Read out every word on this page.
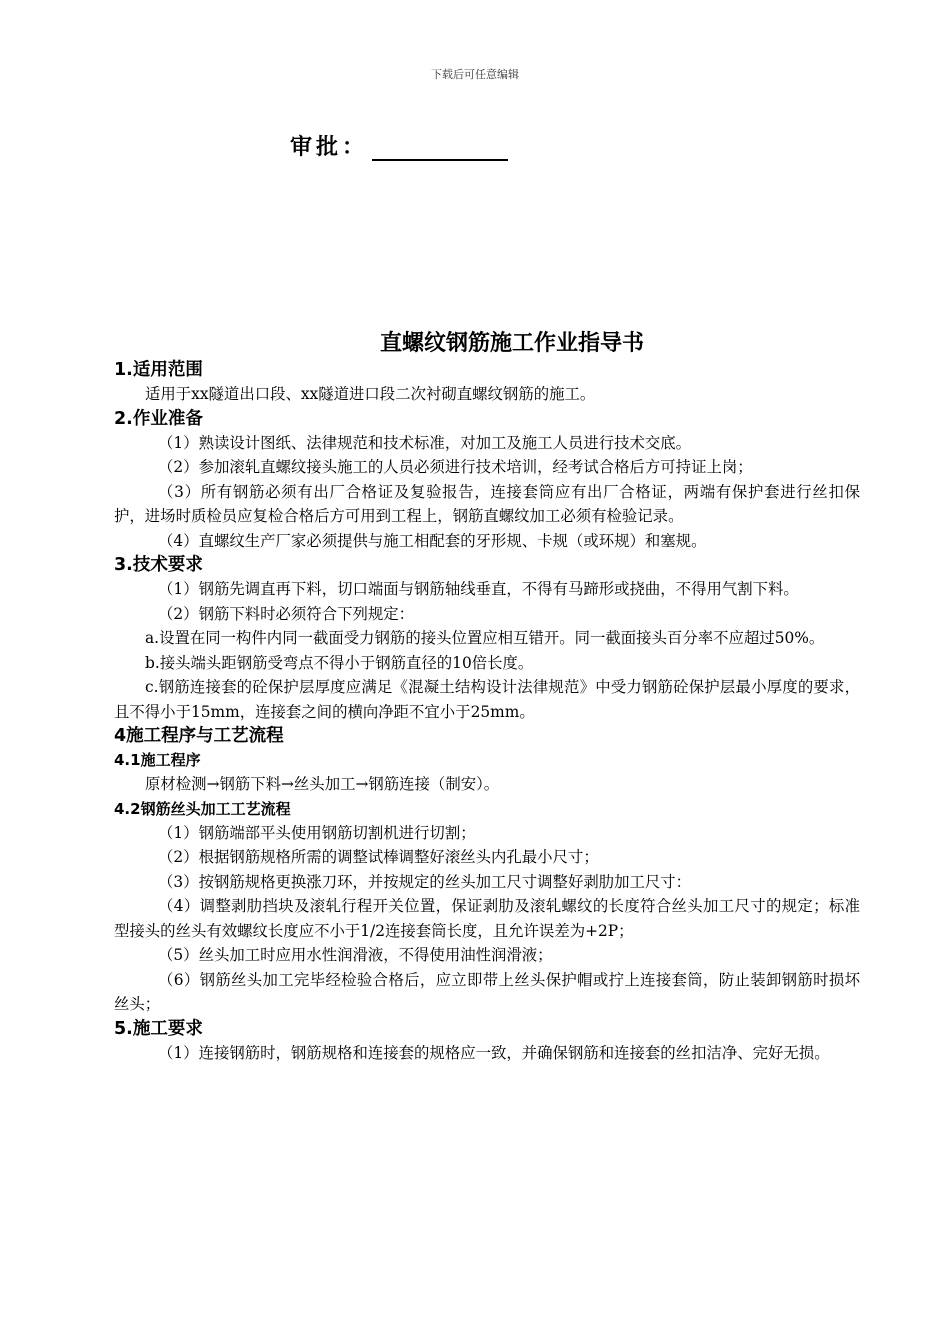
下载后可任意编辑
审批：
直螺纹钢筋施工作业指导书
1.适用范围
适用于xx隧道出口段、xx隧道进口段二次衬砌直螺纹钢筋的施工。
2.作业准备
（1）熟读设计图纸、法律规范和技术标准，对加工及施工人员进行技术交底。
（2）参加滚轧直螺纹接头施工的人员必须进行技术培训，经考试合格后方可持证上岗；
（3）所有钢筋必须有出厂合格证及复验报告，连接套筒应有出厂合格证，两端有保护套进行丝扣保护，进场时质检员应复检合格后方可用到工程上，钢筋直螺纹加工必须有检验记录。
（4）直螺纹生产厂家必须提供与施工相配套的牙形规、卡规（或环规）和塞规。
3.技术要求
（1）钢筋先调直再下料，切口端面与钢筋轴线垂直，不得有马蹄形或挠曲，不得用气割下料。
（2）钢筋下料时必须符合下列规定：
a.设置在同一构件内同一截面受力钢筋的接头位置应相互错开。同一截面接头百分率不应超过50%。
b.接头端头距钢筋受弯点不得小于钢筋直径的10倍长度。
c.钢筋连接套的砼保护层厚度应满足《混凝土结构设计法律规范》中受力钢筋砼保护层最小厚度的要求，且不得小于15mm，连接套之间的横向净距不宜小于25mm。
4施工程序与工艺流程
4.1施工程序
原材检测→钢筋下料→丝头加工→钢筋连接（制安）。
4.2钢筋丝头加工工艺流程
（1）钢筋端部平头使用钢筋切割机进行切割；
（2）根据钢筋规格所需的调整试棒调整好滚丝头内孔最小尺寸；
（3）按钢筋规格更换涨刀环，并按规定的丝头加工尺寸调整好剥肋加工尺寸：
（4）调整剥肋挡块及滚轧行程开关位置，保证剥肋及滚轧螺纹的长度符合丝头加工尺寸的规定；标准型接头的丝头有效螺纹长度应不小于1/2连接套筒长度，且允许误差为+2P；
（5）丝头加工时应用水性润滑液，不得使用油性润滑液；
（6）钢筋丝头加工完毕经检验合格后，应立即带上丝头保护帽或拧上连接套筒，防止装卸钢筋时损坏丝头；
5.施工要求
（1）连接钢筋时，钢筋规格和连接套的规格应一致，并确保钢筋和连接套的丝扣洁净、完好无损。
